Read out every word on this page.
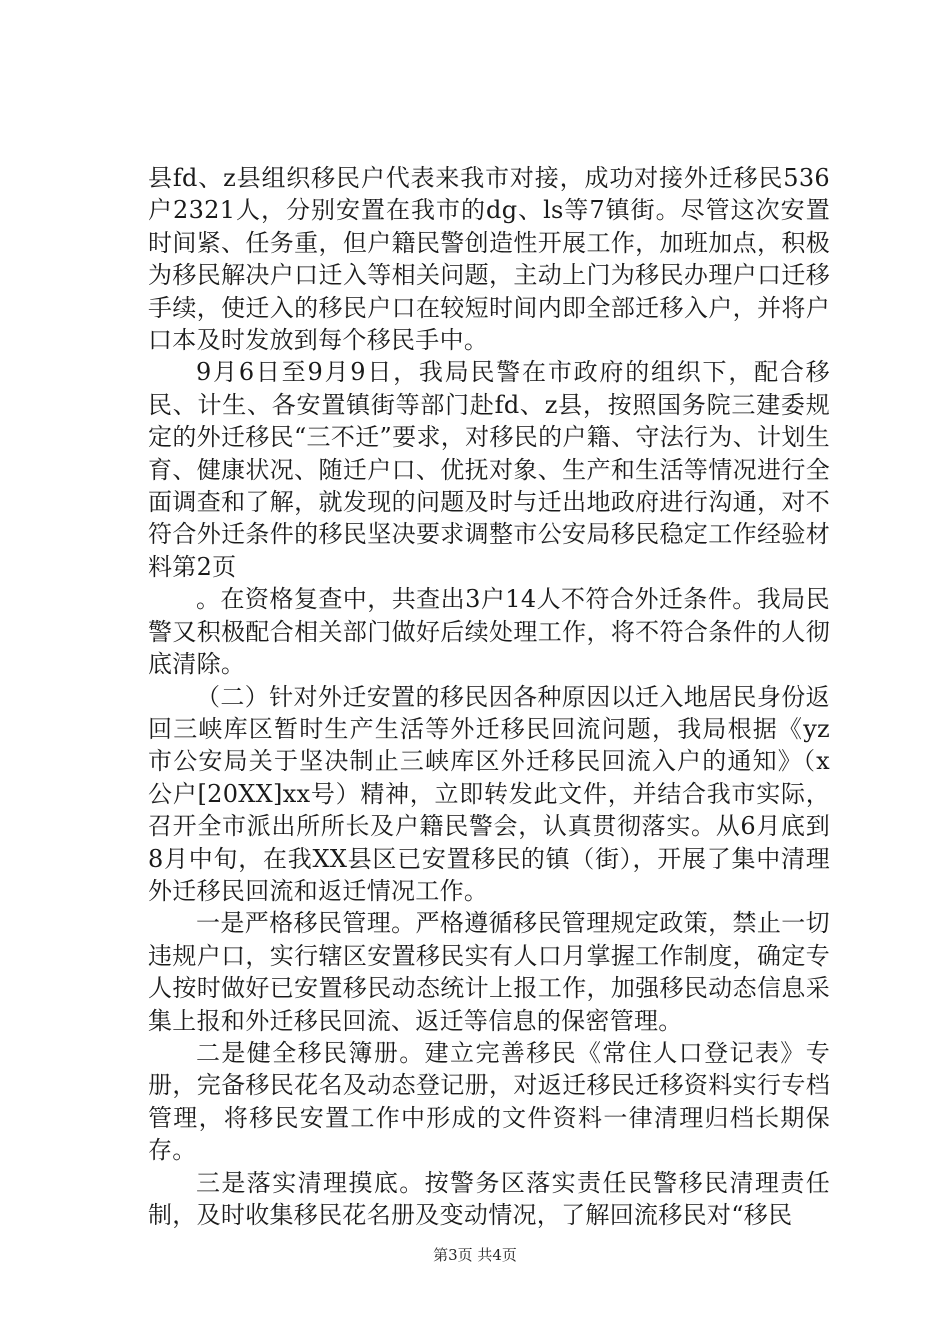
县fd、z县组织移民户代表来我市对接，成功对接外迁移民536户2321人，分别安置在我市的dg、ls等7镇街。尽管这次安置时间紧、任务重，但户籍民警创造性开展工作，加班加点，积极为移民解决户口迁入等相关问题，主动上门为移民办理户口迁移手续，使迁入的移民户口在较短时间内即全部迁移入户，并将户口本及时发放到每个移民手中。

9月6日至9月9日，我局民警在市政府的组织下，配合移民、计生、各安置镇街等部门赴fd、z县，按照国务院三建委规定的外迁移民“三不迁”要求，对移民的户籍、守法行为、计划生育、健康状况、随迁户口、优抚对象、生产和生活等情况进行全面调查和了解，就发现的问题及时与迁出地政府进行沟通，对不符合外迁条件的移民坚决要求调整市公安局移民稳定工作经验材料第2页

。在资格复查中，共查出3户14人不符合外迁条件。我局民警又积极配合相关部门做好后续处理工作，将不符合条件的人彻底清除。

（二）针对外迁安置的移民因各种原因以迁入地居民身份返回三峡库区暂时生产生活等外迁移民回流问题，我局根据《yz市公安局关于坚决制止三峡库区外迁移民回流入户的通知》（x公户[20XX]xx号）精神，立即转发此文件，并结合我市实际，召开全市派出所所长及户籍民警会，认真贯彻落实。从6月底到8月中旬，在我XX县区已安置移民的镇（街），开展了集中清理外迁移民回流和返迁情况工作。

一是严格移民管理。严格遵循移民管理规定政策，禁止一切违规户口，实行辖区安置移民实有人口月掌握工作制度，确定专人按时做好已安置移民动态统计上报工作，加强移民动态信息采集上报和外迁移民回流、返迁等信息的保密管理。

二是健全移民簿册。建立完善移民《常住人口登记表》专册，完备移民花名及动态登记册，对返迁移民迁移资料实行专档管理，将移民安置工作中形成的文件资料一律清理归档长期保存。

三是落实清理摸底。按警务区落实责任民警移民清理责任制，及时收集移民花名册及变动情况，了解回流移民对“移民

第3页 共4页
